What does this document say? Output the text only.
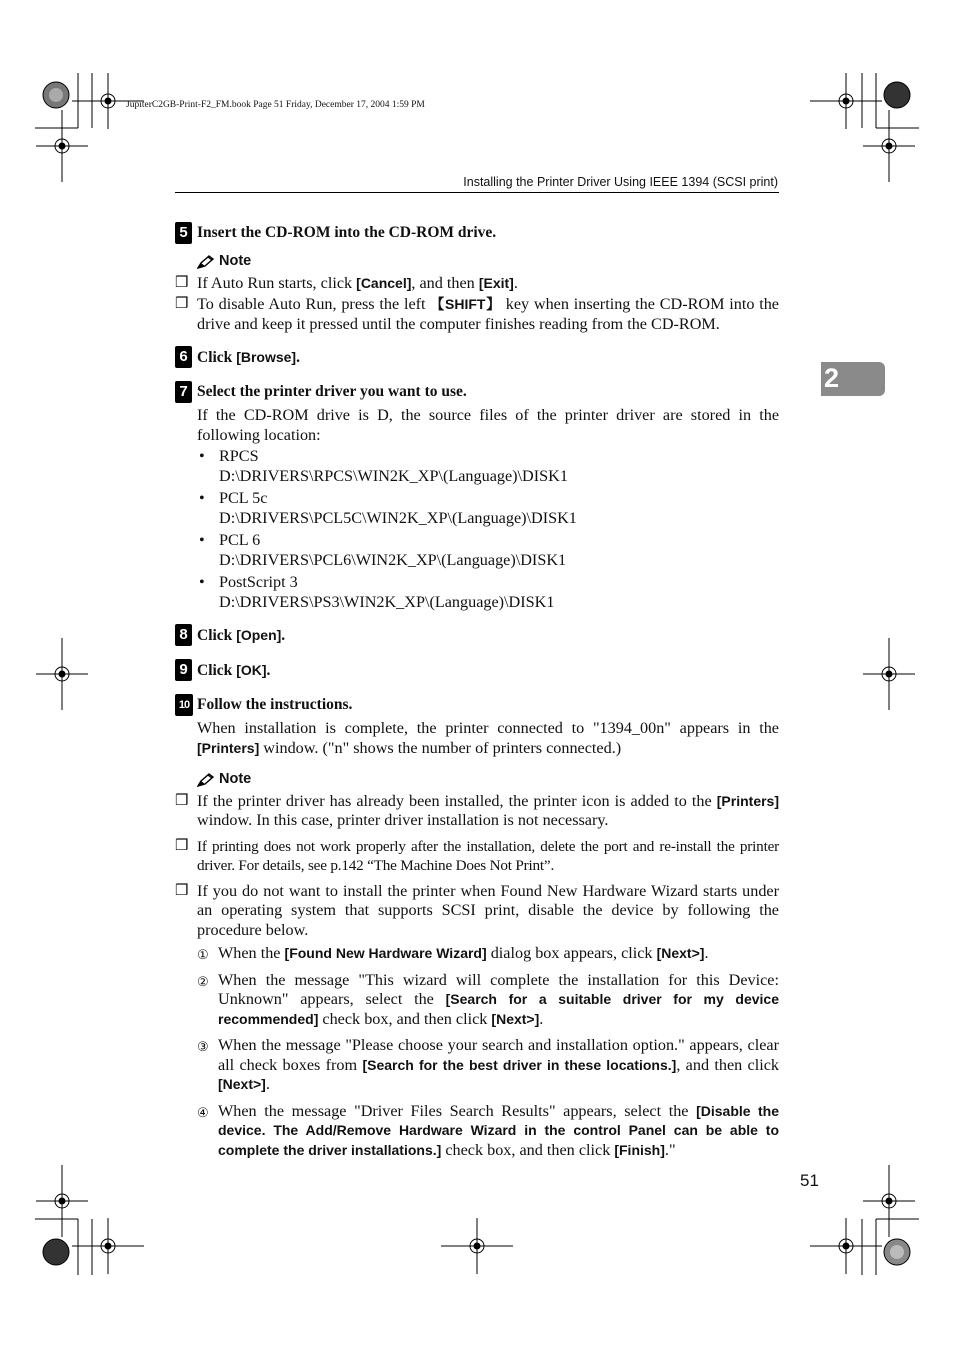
JupiterC2GB-Print-F2_FM.book Page 51 Friday, December 17, 2004 1:59 PM
Installing the Printer Driver Using IEEE 1394 (SCSI print)
2
51
5 Insert the CD-ROM into the CD-ROM drive.
Note
❒ If Auto Run starts, click [Cancel], and then [Exit].
❒ To disable Auto Run, press the left 【SHIFT】 key when inserting the CD-ROM into the drive and keep it pressed until the computer finishes reading from the CD-ROM.
6 Click [Browse].
7 Select the printer driver you want to use.
If the CD-ROM drive is D, the source files of the printer driver are stored in the following location:
• RPCS
D:\DRIVERS\RPCS\WIN2K_XP\(Language)\DISK1
• PCL 5c
D:\DRIVERS\PCL5C\WIN2K_XP\(Language)\DISK1
• PCL 6
D:\DRIVERS\PCL6\WIN2K_XP\(Language)\DISK1
• PostScript 3
D:\DRIVERS\PS3\WIN2K_XP\(Language)\DISK1
8 Click [Open].
9 Click [OK].
10 Follow the instructions.
When installation is complete, the printer connected to "1394_00n" appears in the [Printers] window. ("n" shows the number of printers connected.)
Note
❒ If the printer driver has already been installed, the printer icon is added to the [Printers] window. In this case, printer driver installation is not necessary.
❒ If printing does not work properly after the installation, delete the port and re-install the printer driver. For details, see p.142 “The Machine Does Not Print”.
❒ If you do not want to install the printer when Found New Hardware Wizard starts under an operating system that supports SCSI print, disable the device by following the procedure below.
① When the [Found New Hardware Wizard] dialog box appears, click [Next>].
② When the message "This wizard will complete the installation for this Device: Unknown" appears, select the [Search for a suitable driver for my device recommended] check box, and then click [Next>].
③ When the message "Please choose your search and installation option." appears, clear all check boxes from [Search for the best driver in these locations.], and then click [Next>].
④ When the message "Driver Files Search Results" appears, select the [Disable the device. The Add/Remove Hardware Wizard in the control Panel can be able to complete the driver installations.] check box, and then click [Finish]."
